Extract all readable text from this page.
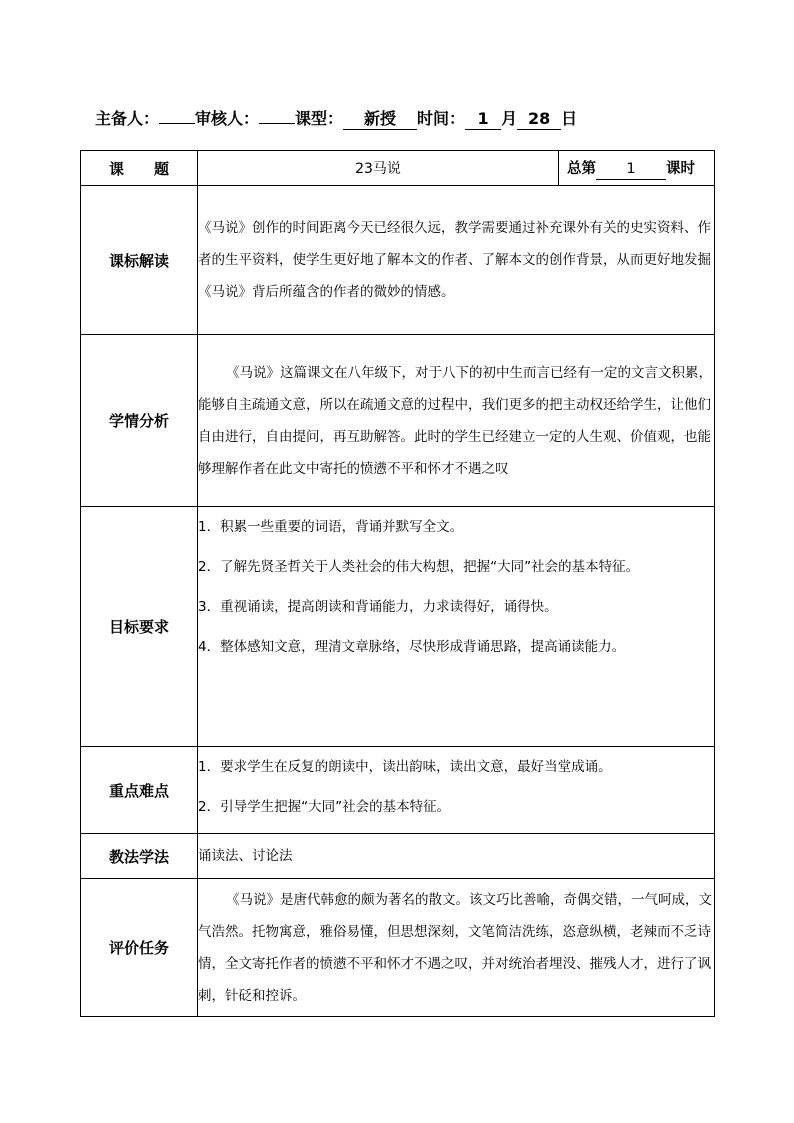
主备人： 审核人： 课型： 新授 时间： 1 月 28 日
课　　题	23马说	总第 1 课时
课标解读	《马说》创作的时间距离今天已经很久远，教学需要通过补充课外有关的史实资料、作者的生平资料，使学生更好地了解本文的作者、了解本文的创作背景，从而更好地发掘《马说》背后所蕴含的作者的微妙的情感。	
学情分析	《马说》这篇课文在八年级下，对于八下的初中生而言已经有一定的文言文积累，能够自主疏通文意，所以在疏通文意的过程中，我们更多的把主动权还给学生，让他们自由进行，自由提问，再互助解答。此时的学生已经建立一定的人生观、价值观，也能够理解作者在此文中寄托的愤懑不平和怀才不遇之叹	
目标要求	1．积累一些重要的词语，背诵并默写全文。

2．了解先贤圣哲关于人类社会的伟大构想，把握“大同”社会的基本特征。

3．重视诵读，提高朗读和背诵能力，力求读得好，诵得快。

4．整体感知文意，理清文章脉络，尽快形成背诵思路，提高诵读能力。	

重点难点	1．要求学生在反复的朗读中，读出韵味，读出文意，最好当堂成诵。

2．引导学生把握“大同”社会的基本特征。	

教法学法	诵读法、讨论法	
评价任务	《马说》是唐代韩愈的颇为著名的散文。该文巧比善喻，奇偶交错，一气呵成，文气浩然。托物寓意，雅俗易懂，但思想深刻，文笔简洁洗练，恣意纵横，老辣而不乏诗情，全文寄托作者的愤懑不平和怀才不遇之叹，并对统治者埋没、摧残人才，进行了讽刺，针砭和控诉。	
